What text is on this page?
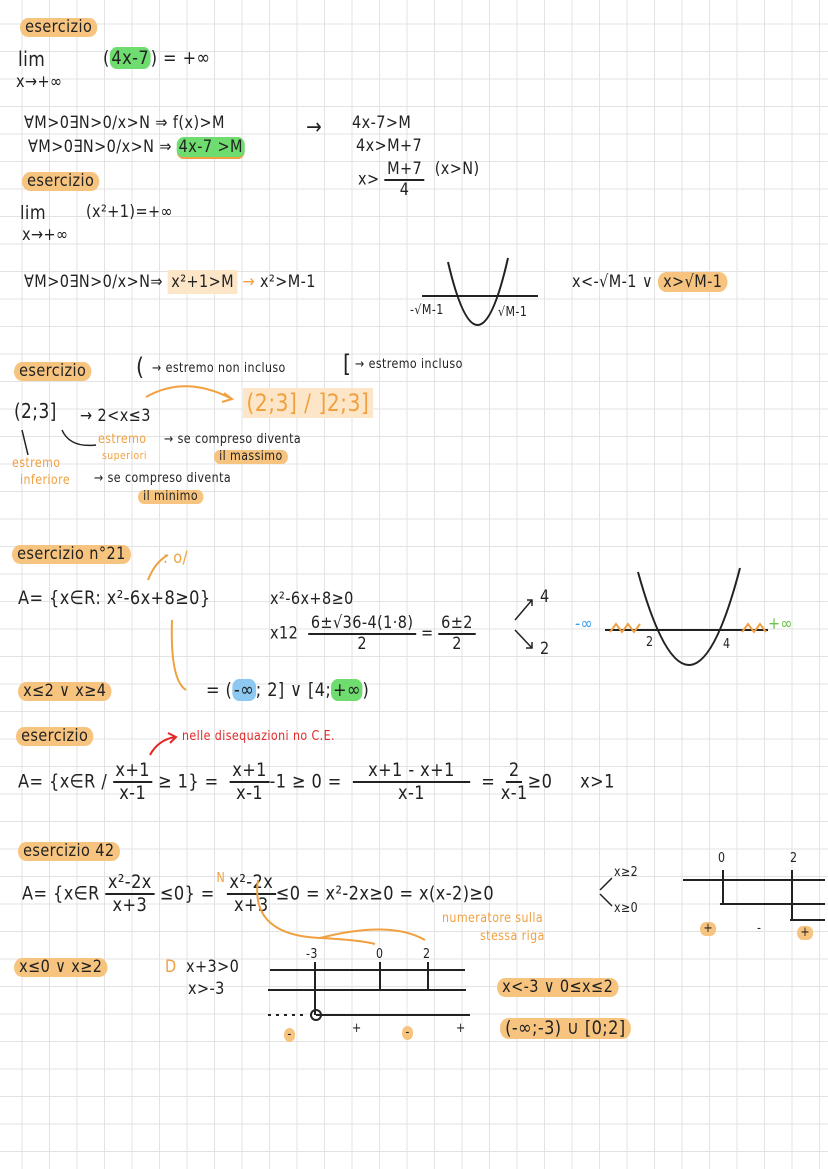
esercizio
lim	(4x-7) = +∞
x→+∞
∀M>0∃N>0/x>N ⇒ f(x)>M
∀M>0∃N>0/x>N ⇒ 4x-7 >M
→ 4x-7>M
4x>M+7
$x> \frac{M+7}{4} (x>N)$
esercizio
lim (x²+1)=+∞
x→+∞
∀M>0∃N>0/x>N⇒ x²+1>M → x²>M-1
-√M-1	√M-1
x<-√M-1 ∨ x>√M-1
esercizio ( → estremo non incluso [ → estremo incluso
(2;3] → 2<x≤3	(2;3] / ]2;3]
estremo
superiori
→ se compreso diventa
il massimo
estremo
inferiore → se compreso diventa
il minimo
esercizio n°21	: o/
A= {x∈R: x²-6x+8≥0}	x²-6x+8≥0
$x12 \frac{6\pm√36-4(1\cdot 8)}{2} = \frac{6\pm 2}{2}$
4
2
-∞	+∞
2	4
x≤2 ∨ x≥4	= (-∞; 2] ∨ [4;+∞)
esercizio	nelle disequazioni no C.E.
A= {x∈R / $\frac{x+1}{x-1} \ge 1\} = \frac{x+1}{x-1} -1 \ge 0 = \frac{x+1 - x+1}{x-1} = \frac{2}{x-1} \ge 0$ x>1
esercizio 42
A= {x∈R $\frac{\text{x²-2x}}{x+3} \le 0\} =^N \frac{\text{x²-2x}}{x+3} \le 0 = x^2-2x\ge 0 = x(x-2)\ge 0$
x≥2
x≥0
0	2
+	-	+
numeratore sulla
stessa riga
x≤0 ∨ x≥2	D x+3>0
x>-3
-3	0	2
-	+	-	+
x<-3 ∨ 0≤x≤2
(-∞;-3) ∪ [0;2]
